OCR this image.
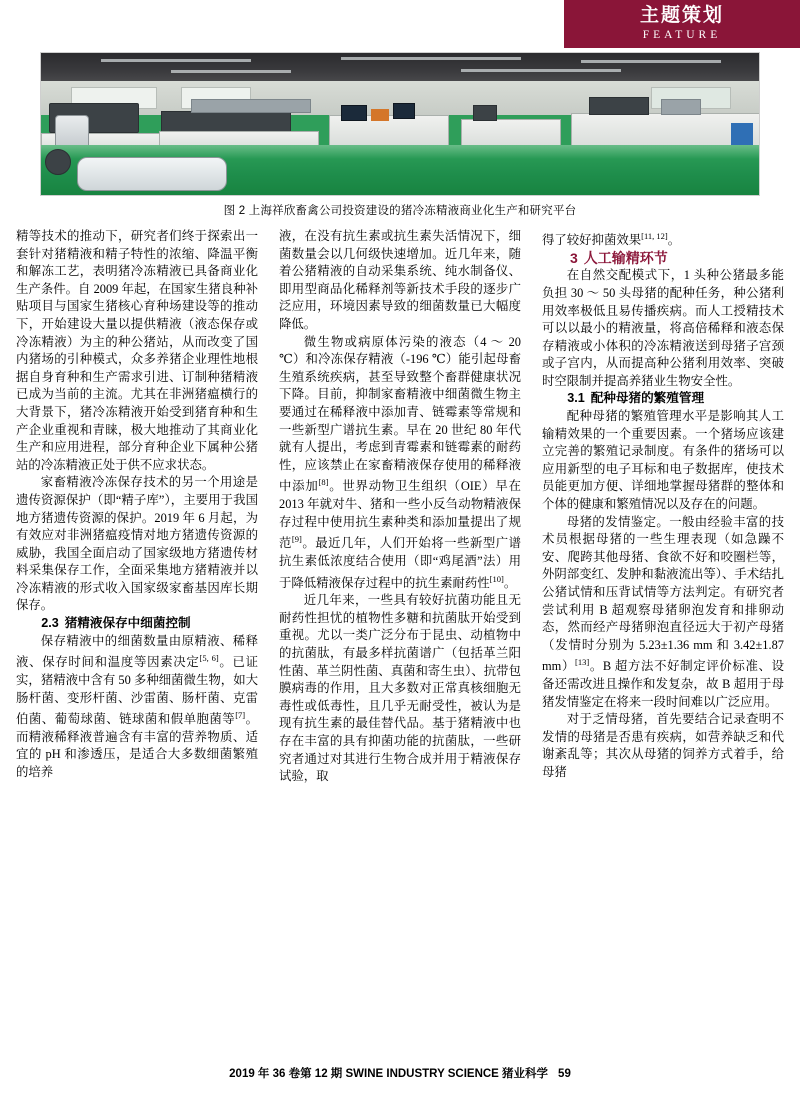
主题策划
FEATURE
图 2 上海祥欣畜禽公司投资建设的猪冷冻精液商业化生产和研究平台

精等技术的推动下，研究者们终于探索出一套针对猪精液和精子特性的浓缩、降温平衡和解冻工艺，表明猪冷冻精液已具备商业化生产条件。自 2009 年起，在国家生猪良种补贴项目与国家生猪核心育种场建设等的推动下，开始建设大量以提供精液（液态保存或冷冻精液）为主的种公猪站，从而改变了国内猪场的引种模式，众多养猪企业理性地根据自身育种和生产需求引进、订制种猪精液已成为当前的主流。尤其在非洲猪瘟横行的大背景下，猪冷冻精液开始受到猪育种和生产企业重视和青睐，极大地推动了其商业化生产和应用进程，部分育种企业下属种公猪站的冷冻精液正处于供不应求状态。

家畜精液冷冻保存技术的另一个用途是遗传资源保护（即“精子库”），主要用于我国地方猪遗传资源的保护。2019 年 6 月起，为有效应对非洲猪瘟疫情对地方猪遗传资源的威胁，我国全面启动了国家级地方猪遗传材料采集保存工作，全面采集地方猪精液并以冷冻精液的形式收入国家级家畜基因库长期保存。

2.3 猪精液保存中细菌控制

保存精液中的细菌数量由原精液、稀释液、保存时间和温度等因素决定[5, 6]。已证实，猪精液中含有 50 多种细菌微生物，如大肠杆菌、变形杆菌、沙雷菌、肠杆菌、克雷伯菌、葡萄球菌、链球菌和假单胞菌等[7]。而精液稀释液普遍含有丰富的营养物质、适宜的 pH 和渗透压，是适合大多数细菌繁殖的培养

液，在没有抗生素或抗生素失活情况下，细菌数量会以几何级快速增加。近几年来，随着公猪精液的自动采集系统、纯水制备仪、即用型商品化稀释剂等新技术手段的逐步广泛应用，环境因素导致的细菌数量已大幅度降低。

微生物或病原体污染的液态（4 ～ 20 ℃）和冷冻保存精液（-196 ℃）能引起母畜生殖系统疾病，甚至导致整个畜群健康状况下降。目前，抑制家畜精液中细菌微生物主要通过在稀释液中添加青、链霉素等常规和一些新型广谱抗生素。早在 20 世纪 80 年代就有人提出，考虑到青霉素和链霉素的耐药性，应该禁止在家畜精液保存使用的稀释液中添加[8]。世界动物卫生组织（OIE）早在 2013 年就对牛、猪和一些小反刍动物精液保存过程中使用抗生素种类和添加量提出了规范[9]。最近几年，人们开始将一些新型广谱抗生素低浓度结合使用（即“鸡尾酒”法）用于降低精液保存过程中的抗生素耐药性[10]。

近几年来，一些具有较好抗菌功能且无耐药性担忧的植物性多糖和抗菌肽开始受到重视。尤以一类广泛分布于昆虫、动植物中的抗菌肽，有最多样抗菌谱广（包括革兰阳性菌、革兰阴性菌、真菌和寄生虫）、抗带包膜病毒的作用，且大多数对正常真核细胞无毒性或低毒性，且几乎无耐受性，被认为是现有抗生素的最佳替代品。基于猪精液中也存在丰富的具有抑菌功能的抗菌肽，一些研究者通过对其进行生物合成并用于精液保存试验，取

得了较好抑菌效果[11, 12]。

3 人工输精环节

在自然交配模式下，1 头种公猪最多能负担 30 ～ 50 头母猪的配种任务，种公猪利用效率极低且易传播疾病。而人工授精技术可以以最小的精液量，将高倍稀释和液态保存精液或小体积的冷冻精液送到母猪子宫颈或子宫内，从而提高种公猪利用效率、突破时空限制并提高养猪业生物安全性。

3.1 配种母猪的繁殖管理

配种母猪的繁殖管理水平是影响其人工输精效果的一个重要因素。一个猪场应该建立完善的繁殖记录制度。有条件的猪场可以应用新型的电子耳标和电子数据库，使技术员能更加方便、详细地掌握母猪群的整体和个体的健康和繁殖情况以及存在的问题。

母猪的发情鉴定。一般由经验丰富的技术员根据母猪的一些生理表现（如急躁不安、爬跨其他母猪、食欲不好和咬圈栏等，外阴部变红、发肿和黏液流出等）、手术结扎公猪试情和压背试情等方法判定。有研究者尝试利用 B 超观察母猪卵泡发育和排卵动态，然而经产母猪卵泡直径远大于初产母猪（发情时分别为 5.23±1.36 mm 和 3.42±1.87 mm）[13]。B 超方法不好制定评价标准、设备还需改进且操作和发复杂，故 B 超用于母猪发情鉴定在将来一段时间难以广泛应用。

对于乏情母猪，首先要结合记录查明不发情的母猪是否患有疾病，如营养缺乏和代谢紊乱等；其次从母猪的饲养方式着手，给母猪

2019 年 36 卷第 12 期 SWINE INDUSTRY SCIENCE 猪业科学 59
